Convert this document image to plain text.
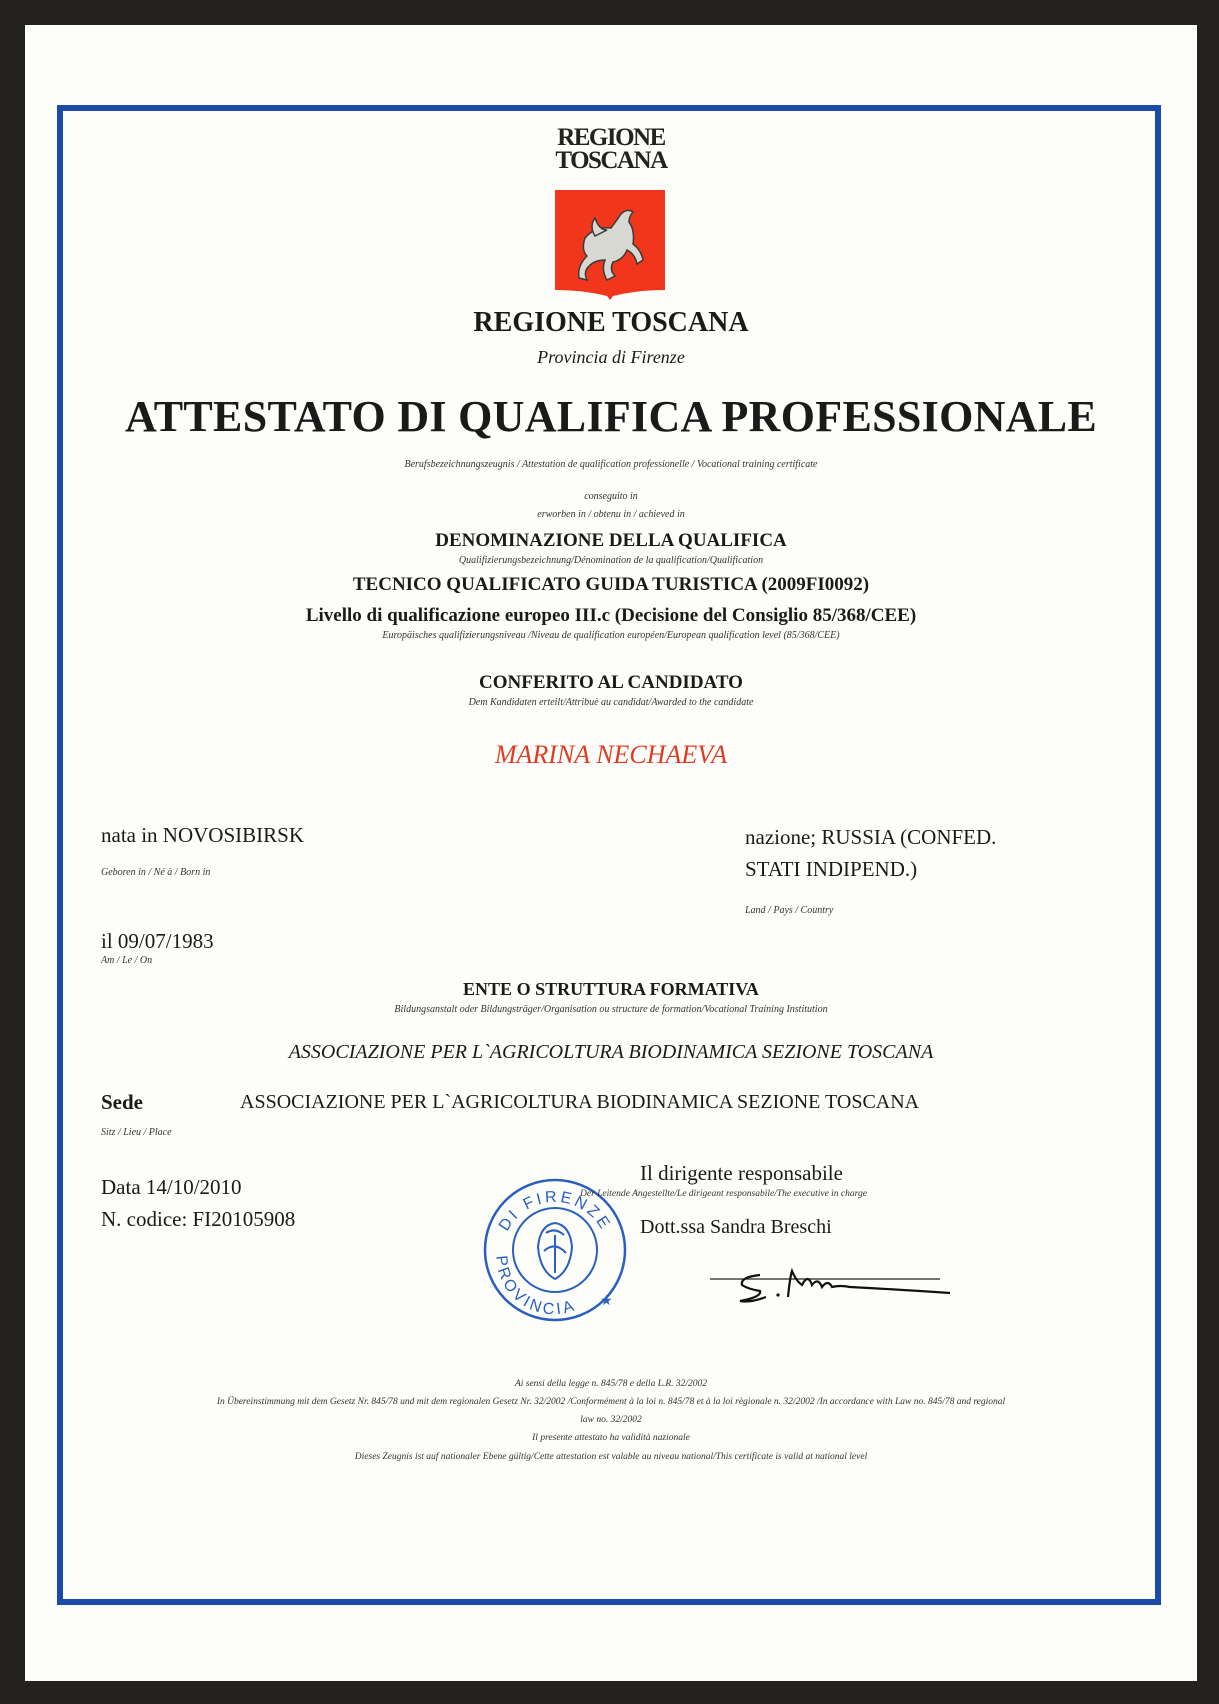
REGIONE
TOSCANA
REGIONE TOSCANA
Provincia di Firenze
ATTESTATO DI QUALIFICA PROFESSIONALE
Berufsbezeichnungszeugnis / Attestation de qualification professionelle / Vocational training certificate
conseguito in
erworben in / obtenu in / achieved in
DENOMINAZIONE DELLA QUALIFICA
Qualifizierungsbezeichnung/Dénomination de la qualification/Qualification
TECNICO QUALIFICATO GUIDA TURISTICA (2009FI0092)
Livello di qualificazione europeo III.c (Decisione del Consiglio 85/368/CEE)
Europäisches qualifizierungsniveau /Niveau de qualification européen/European qualification level (85/368/CEE)
CONFERITO AL CANDIDATO
Dem Kandidaten erteilt/Attribuè au candidat/Awarded to the candidate
MARINA NECHAEVA
nata in NOVOSIBIRSK
Geboren in / Né à / Born in
nazione; RUSSIA (CONFED.
STATI INDIPEND.)
Land / Pays / Country
il 09/07/1983
Am / Le / On
ENTE O STRUTTURA FORMATIVA
Bildungsanstalt oder Bildungsträger/Organisation ou structure de formation/Vocational Training Institution
ASSOCIAZIONE PER L`AGRICOLTURA BIODINAMICA SEZIONE TOSCANA
Sede	ASSOCIAZIONE PER L`AGRICOLTURA BIODINAMICA SEZIONE TOSCANA
Sitz / Lieu / Place
Data 14/10/2010
N. codice: FI20105908	DI FIRENZE
PROVINCIA ★
Il dirigente responsabile
Der Leitende Angestellte/Le dirigeant responsabile/The executive in charge
Dott.ssa Sandra Breschi
Ai sensi della legge n. 845/78 e della L.R. 32/2002
In Übereinstimmung mit dem Gesetz Nr. 845/78 und mit dem regionalen Gesetz Nr. 32/2002 /Conformément à la loi n. 845/78 et à la loi règionale n. 32/2002 /In accordance with Law no. 845/78 and regional
law no. 32/2002
Il presente attestato ha validità nazionale
Dieses Zeugnis ist auf nationaler Ebene gültig/Cette attestation est valable au niveau national/This certificate is valid at national level
